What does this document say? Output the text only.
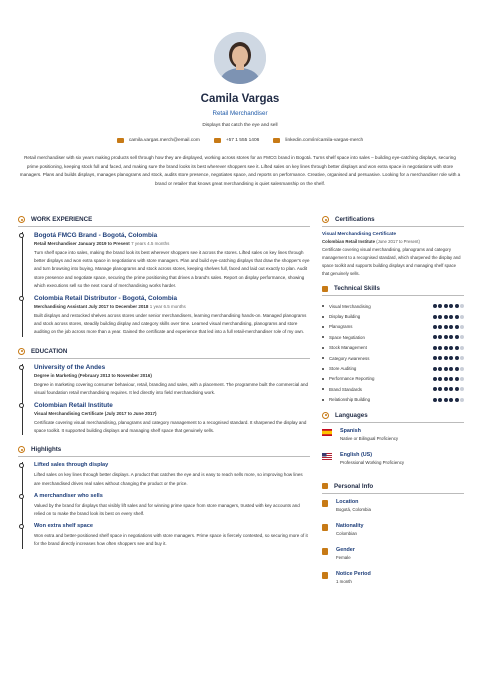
Camila Vargas
Retail Merchandiser
Displays that catch the eye and sell
camila.vargas.merch@email.com	+57 1 555 1406	linkedin.com/in/camila-vargas-merch
Retail merchandiser with six years making products sell through how they are displayed, working across stores for an FMCG brand in Bogotá. Turns shelf space into sales – building eye-catching displays, securing prime positioning, keeping stock full and faced, and making sure the brand looks its best wherever shoppers see it. Lifted sales on key lines through better displays and won extra space in negotiations with store managers. Plans and builds displays, manages planograms and stock, audits store presence, negotiates space, and reports on performance. Creative, organised and persuasive. Looking for a merchandiser role with a brand or retailer that knows great merchandising is quiet salesmanship on the shelf.
WORK EXPERIENCE
Bogotá FMCG Brand - Bogotá, Colombia
Retail Merchandiser January 2019 to Present 7 years 4.5 months
Turn shelf space into sales, making the brand look its best wherever shoppers see it across the stores. Lifted sales on key lines through better displays and won extra space in negotiations with store managers. Plan and build eye-catching displays that draw the shopper's eye and turn browsing into buying. Manage planograms and stock across stores, keeping shelves full, faced and laid out exactly to plan. Audit store presence and negotiate space, securing the prime positioning that drives a brand's sales. Report on display performance, showing which executions sell so the next round of merchandising works harder.
Colombia Retail Distributor - Bogotá, Colombia
Merchandising Assistant July 2017 to December 2018 1 year 6.5 months
Built displays and restocked shelves across stores under senior merchandisers, learning merchandising hands-on. Managed planograms and stock across stores, steadily building display and category skills over time. Learned visual merchandising, planograms and store auditing on the job across more than a year. Gained the certificate and experience that led into a full retail-merchandiser role of my own.
EDUCATION
University of the Andes
Degree in Marketing (February 2013 to November 2016)
Degree in marketing covering consumer behaviour, retail, branding and sales, with a placement. The programme built the commercial and visual foundation retail merchandising requires. It led directly into field merchandising work.
Colombian Retail Institute
Visual Merchandising Certificate (July 2017 to June 2017)
Certificate covering visual merchandising, planograms and category management to a recognised standard. It sharpened the display and space toolkit. It supported building displays and managing shelf space that genuinely sells.
Highlights
Lifted sales through display
Lifted sales on key lines through better displays. A product that catches the eye and is easy to reach sells more, so improving how lines are merchandised drives real sales without changing the product or the price.
A merchandiser who sells
Valued by the brand for displays that visibly lift sales and for winning prime space from store managers, trusted with key accounts and relied on to make the brand look its best on every shelf.
Won extra shelf space
Won extra and better-positioned shelf space in negotiations with store managers. Prime space is fiercely contested, so securing more of it for the brand directly increases how often shoppers see and buy it.
Certifications
Visual Merchandising Certificate
Colombian Retail Institute (June 2017 to Present)
Certificate covering visual merchandising, planograms and category management to a recognised standard, which sharpened the display and space toolkit and supports building displays and managing shelf space that genuinely sells.
Technical Skills
Visual Merchandising
Display Building
Planograms
Space Negotiation
Stock Management
Category Awareness
Store Auditing
Performance Reporting
Brand Standards
Relationship Building
Languages
Spanish
Native or Bilingual Proficiency
English (US)
Professional Working Proficiency
Personal Info
Location
Bogotá, Colombia
Nationality
Colombian
Gender
Female
Notice Period
1 month
